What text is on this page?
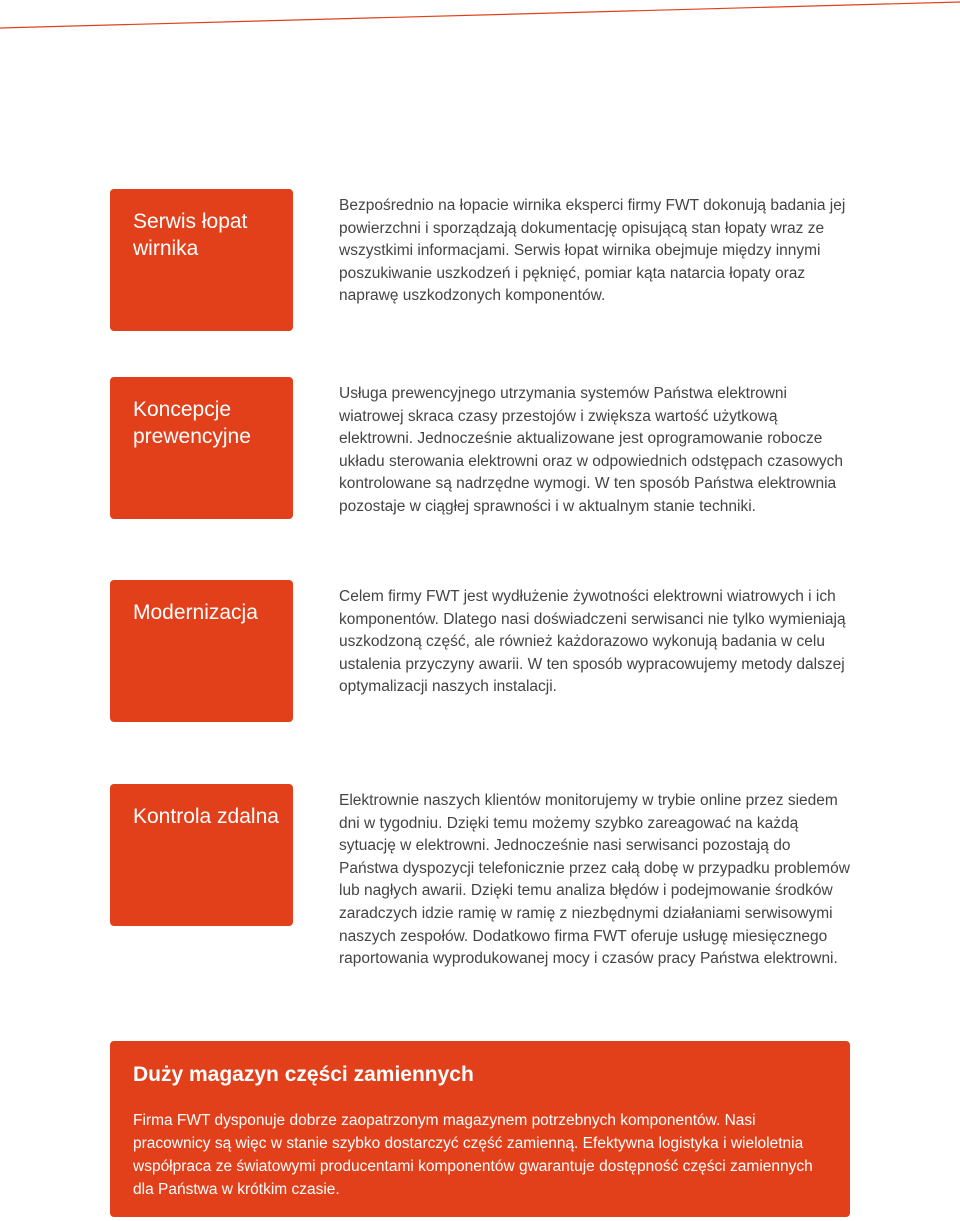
Serwis łopat wirnika

Bezpośrednio na łopacie wirnika eksperci firmy FWT dokonują badania jej powierzchni i sporządzają dokumentację opisującą stan łopaty wraz ze wszystkimi informacjami. Serwis łopat wirnika obejmuje między innymi poszukiwanie uszkodzeń i pęknięć, pomiar kąta natarcia łopaty oraz naprawę uszkodzonych komponentów.

Koncepcje prewencyjne

Usługa prewencyjnego utrzymania systemów Państwa elektrowni wiatrowej skraca czasy przestojów i zwiększa wartość użytkową elektrowni. Jednocześnie aktualizowane jest oprogramowanie robocze układu sterowania elektrowni oraz w odpowiednich odstępach czasowych kontrolowane są nadrzędne wymogi. W ten sposób Państwa elektrownia pozostaje w ciągłej sprawności i w aktualnym stanie techniki.

Modernizacja

Celem firmy FWT jest wydłużenie żywotności elektrowni wiatrowych i ich komponentów. Dlatego nasi doświadczeni serwisanci nie tylko wymieniają uszkodzoną część, ale również każdorazowo wykonują badania w celu ustalenia przyczyny awarii. W ten sposób wypracowujemy metody dalszej optymalizacji naszych instalacji.

Kontrola zdalna

Elektrownie naszych klientów monitorujemy w trybie online przez siedem dni w tygodniu. Dzięki temu możemy szybko zareagować na każdą sytuację w elektrowni. Jednocześnie nasi serwisanci pozostają do Państwa dyspozycji telefonicznie przez całą dobę w przypadku problemów lub nagłych awarii. Dzięki temu analiza błędów i podejmowanie środków zaradczych idzie ramię w ramię z niezbędnymi działaniami serwisowymi naszych zespołów. Dodatkowo firma FWT oferuje usługę miesięcznego raportowania wyprodukowanej mocy i czasów pracy Państwa elektrowni.

Duży magazyn części zamiennych

Firma FWT dysponuje dobrze zaopatrzonym magazynem potrzebnych komponentów. Nasi pracownicy są więc w stanie szybko dostarczyć część zamienną. Efektywna logistyka i wieloletnia współpraca ze światowymi producentami komponentów gwarantuje dostępność części zamiennych dla Państwa w krótkim czasie.
